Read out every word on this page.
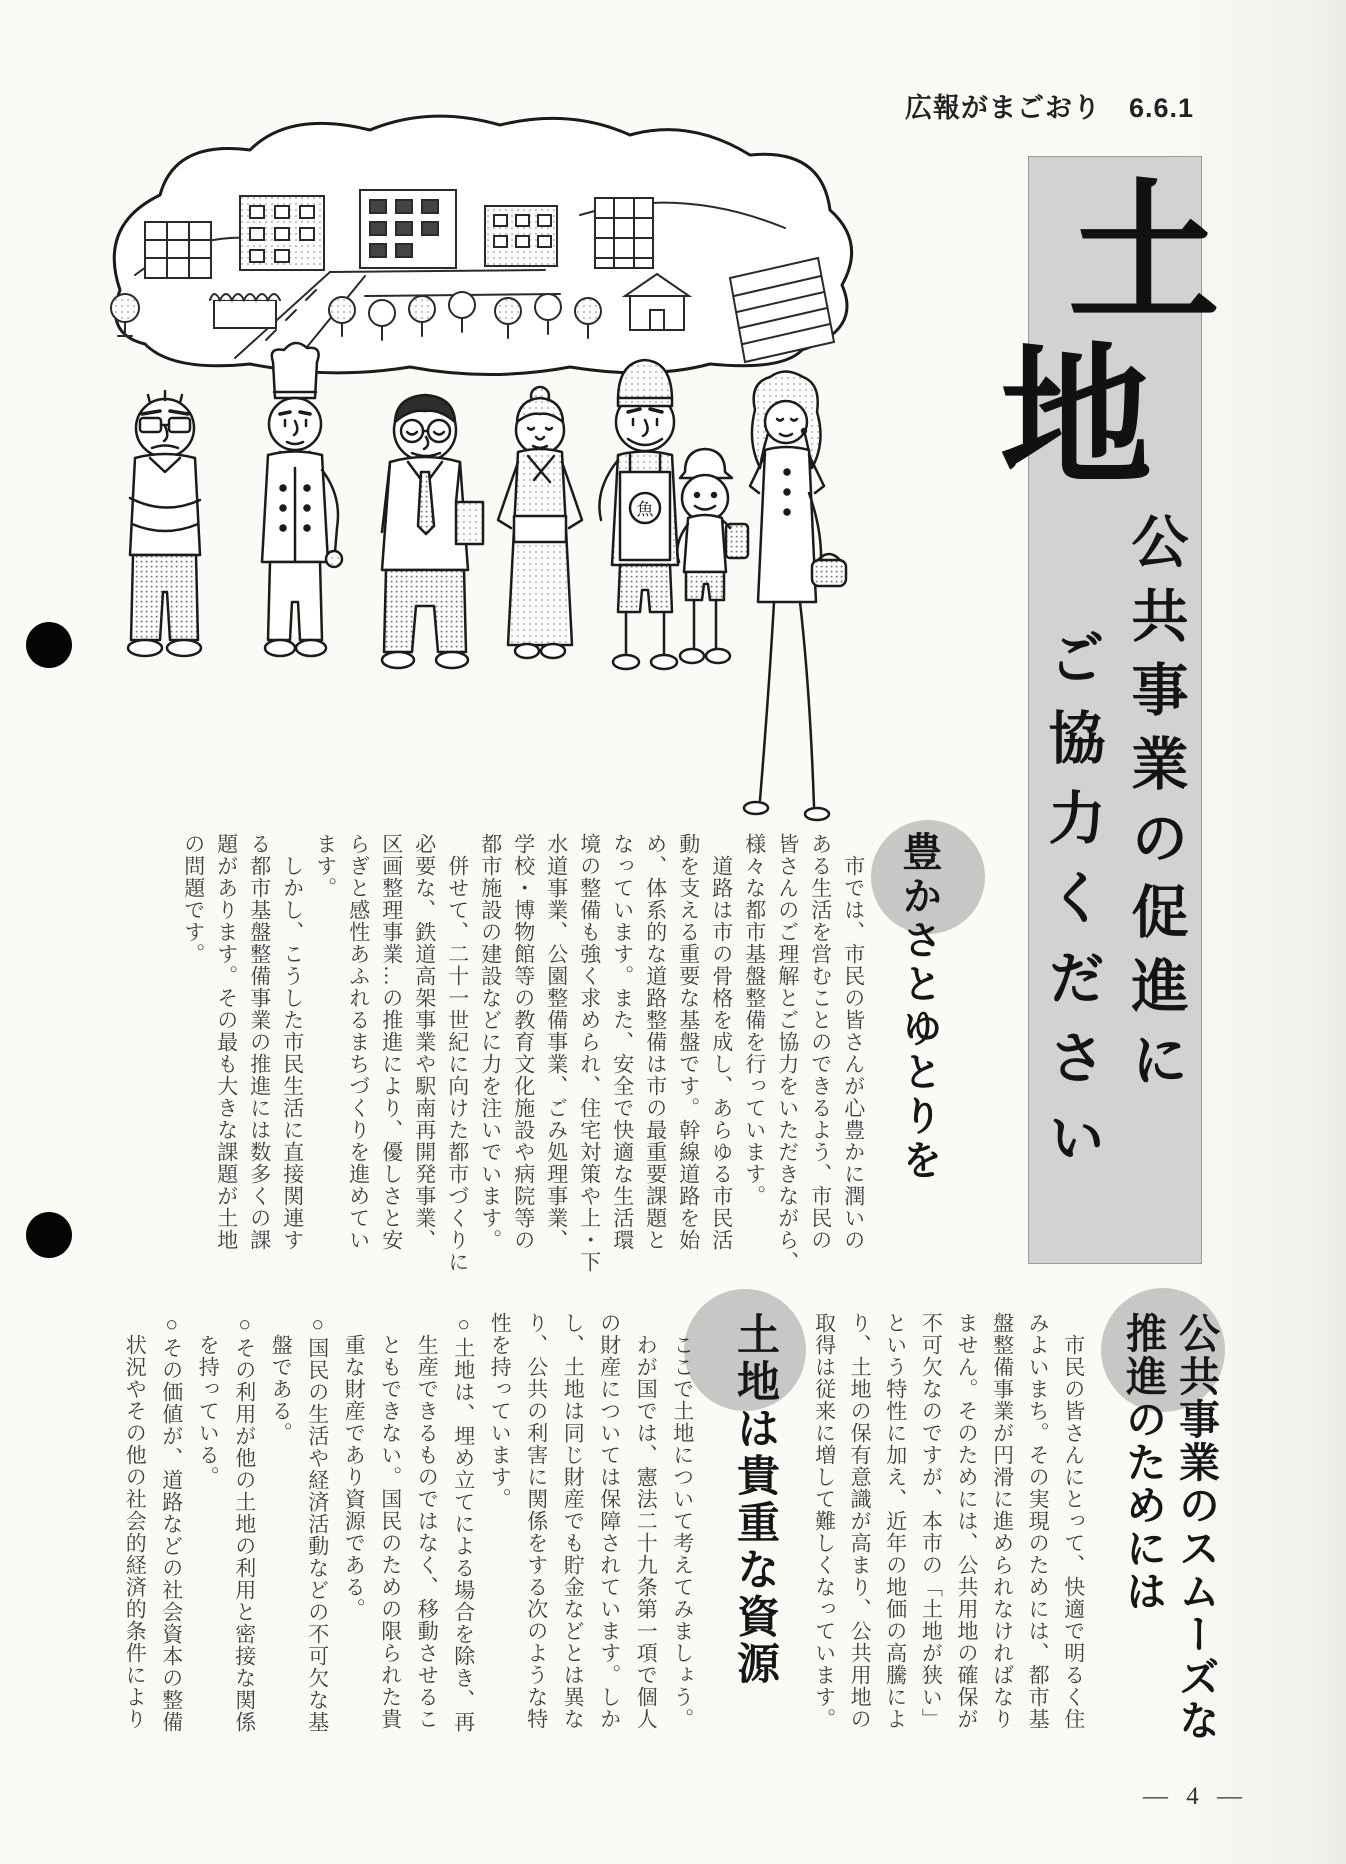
広報がまごおり　6.6.1
土
地
公共事業の促進に
ご協力ください
豊かさとゆとりを
公共事業のスムーズな
推進のためには
土地は貴重な資源
— 4 —
魚
　市では、市民の皆さんが心豊かに潤いの
ある生活を営むことのできるよう、市民の
皆さんのご理解とご協力をいただきながら、
様々な都市基盤整備を行っています。
　道路は市の骨格を成し、あらゆる市民活
動を支える重要な基盤です。幹線道路を始
め、体系的な道路整備は市の最重要課題と
なっています。また、安全で快適な生活環
境の整備も強く求められ、住宅対策や上・下
水道事業、公園整備事業、ごみ処理事業、
学校・博物館等の教育文化施設や病院等の
都市施設の建設などに力を注いでいます。
　併せて、二十一世紀に向けた都市づくりに
必要な、鉄道高架事業や駅南再開発事業、
区画整理事業…の推進により、優しさと安
らぎと感性あふれるまちづくりを進めてい
ます。
　しかし、こうした市民生活に直接関連す
る都市基盤整備事業の推進には数多くの課
題があります。その最も大きな課題が土地
の問題です。
　市民の皆さんにとって、快適で明るく住
みよいまち。その実現のためには、都市基
盤整備事業が円滑に進められなければなり
ません。そのためには、公共用地の確保が
不可欠なのですが、本市の「土地が狭い」
という特性に加え、近年の地価の高騰によ
り、土地の保有意識が高まり、公共用地の
取得は従来に増して難しくなっています。
　ここで土地について考えてみましょう。
　わが国では、憲法二十九条第一項で個人
の財産については保障されています。しか
し、土地は同じ財産でも貯金などとは異な
り、公共の利害に関係をする次のような特
性を持っています。
○土地は、埋め立てによる場合を除き、再
　生産できるものではなく、移動させるこ
　ともできない。国民のための限られた貴
　重な財産であり資源である。
○国民の生活や経済活動などの不可欠な基
　盤である。
○その利用が他の土地の利用と密接な関係
　を持っている。
○その価値が、道路などの社会資本の整備
　状況やその他の社会的経済的条件により
